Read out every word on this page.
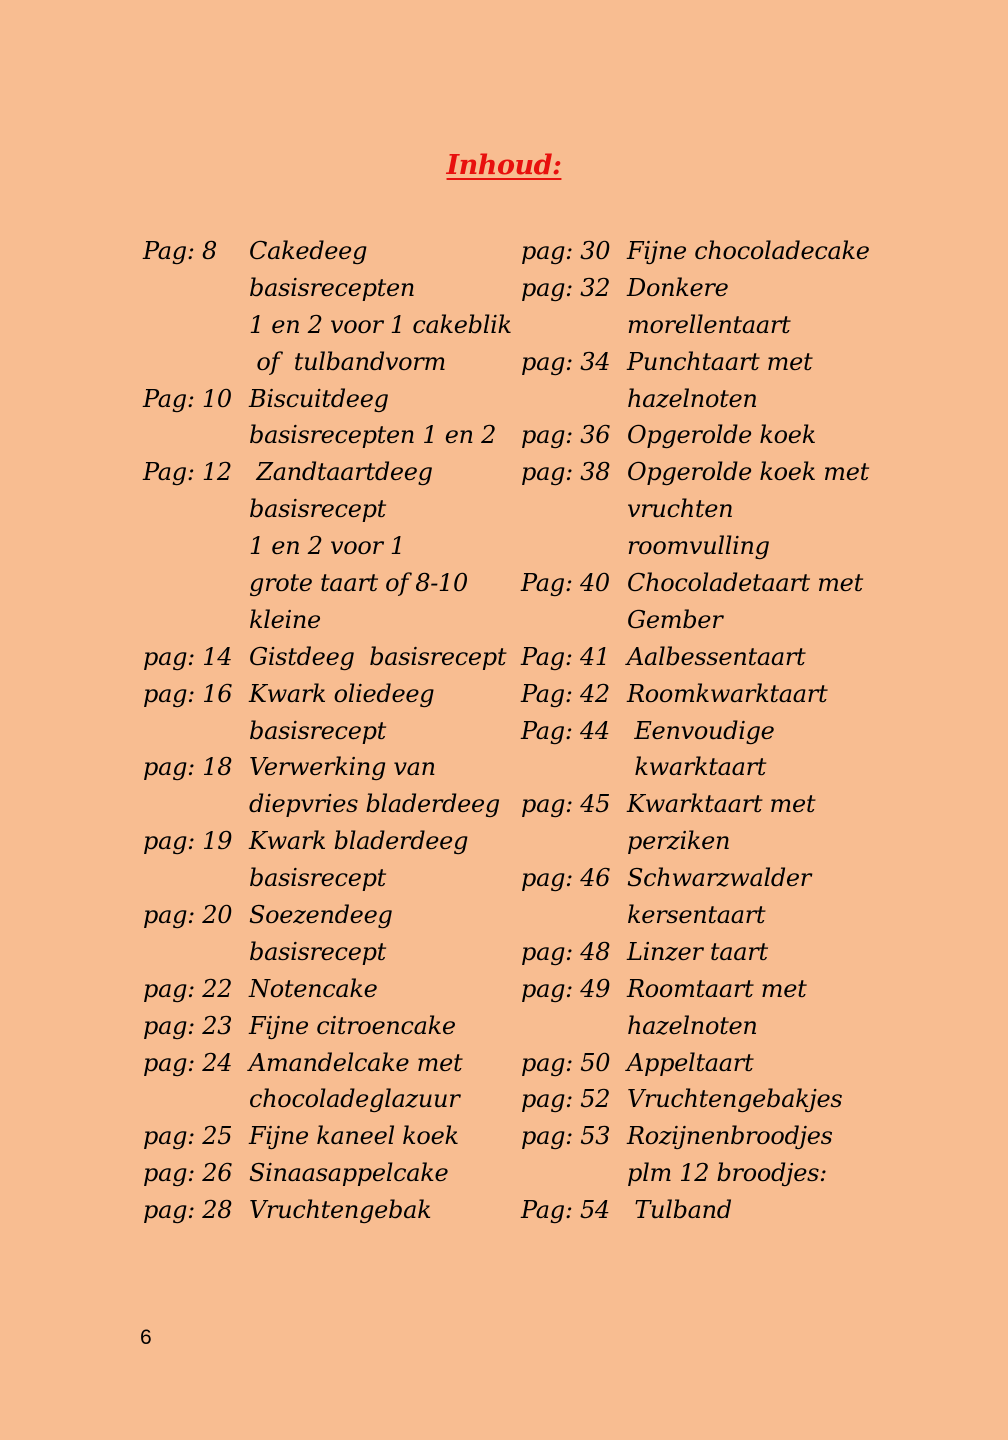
Inhoud:
Pag: 8 Cakedeeg
basisrecepten
1 en 2 voor 1 cakeblik
of  tulbandvorm
Pag: 10 Biscuitdeeg
basisrecepten 1 en 2
Pag: 12 Zandtaartdeeg
basisrecept
1 en 2 voor 1
grote taart of 8-10
kleine
pag: 14 Gistdeeg  basisrecept
pag: 16 Kwark oliedeeg
basisrecept
pag: 18 Verwerking van
diepvries bladerdeeg
pag: 19 Kwark bladerdeeg
basisrecept
pag: 20 Soezendeeg
basisrecept
pag: 22 Notencake
pag: 23 Fijne citroencake
pag: 24 Amandelcake met
chocoladeglazuur
pag: 25 Fijne kaneel koek
pag: 26 Sinaasappelcake
pag: 28 Vruchtengebak
pag: 30 Fijne chocoladecake
pag: 32 Donkere
morellentaart
pag: 34 Punchtaart met
hazelnoten
pag: 36 Opgerolde koek
pag: 38 Opgerolde koek met
vruchten
roomvulling
Pag: 40 Chocoladetaart met
Gember
Pag: 41 Aalbessentaart
Pag: 42 Roomkwarktaart
Pag: 44 Eenvoudige
kwarktaart
pag: 45 Kwarktaart met
perziken
pag: 46 Schwarzwalder
kersentaart
pag: 48 Linzer taart
pag: 49 Roomtaart met
hazelnoten
pag: 50 Appeltaart
pag: 52 Vruchtengebakjes
pag: 53 Rozijnenbroodjes
plm 12 broodjes:
Pag: 54 Tulband
6
